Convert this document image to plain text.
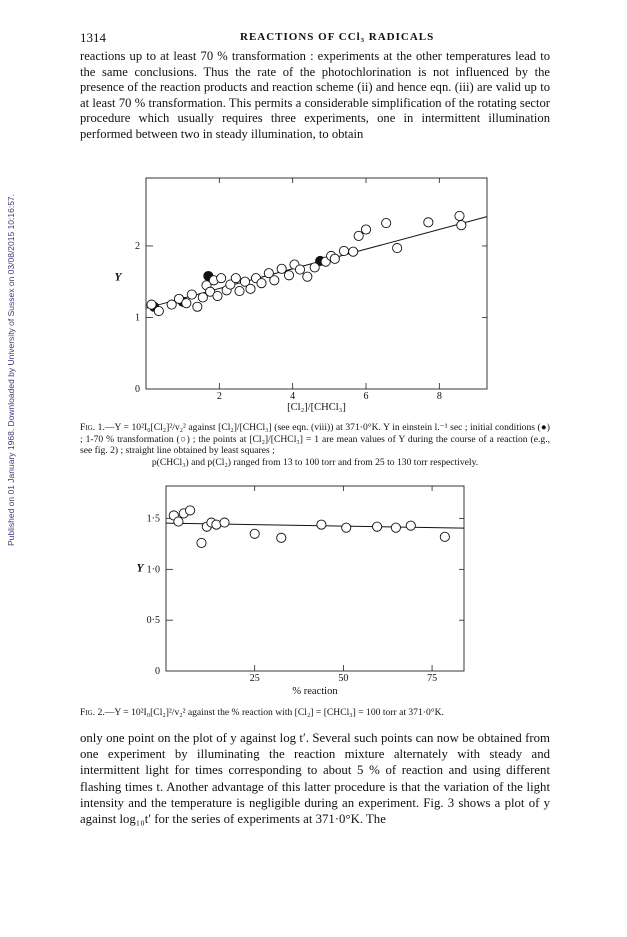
Published on 01 January 1968. Downloaded by University of Sussex on 03/08/2015 10:16:57.
1314	REACTIONS OF CCl₃ RADICALS

reactions up to at least 70 % transformation : experiments at the other temperatures lead to the same conclusions. Thus the rate of the photochlorination is not influenced by the presence of the reaction products and reaction scheme (ii) and hence eqn. (iii) are valid up to at least 70 % transformation. This permits a considerable simplification of the rotating sector procedure which usually requires three experiments, one in intermittent illumination performed between two in steady illumination, to obtain

2	4	6	8
1
2
0
[Cl₂]/[CHCl₃]
Y
Fig. 1.—Y = 10²I₀[Cl₂]²/v₂² against [Cl₂]/[CHCl₃] (see eqn. (viii)) at 371·0°K. Y in einstein l.⁻¹ sec ; initial conditions (●) ; 1-70 % transformation (○) ; the points at [Cl₂]/[CHCl₃] = 1 are mean values of Y during the course of a reaction (e.g., see fig. 2) ; straight line obtained by least squares ;
p(CHCl₃) and p(Cl₂) ranged from 13 to 100 torr and from 25 to 130 torr respectively.
25	50	75
0·5
1·0
1·5
0
% reaction
Y
Fig. 2.—Y = 10²I₀[Cl₂]²/v₂² against the % reaction with [Cl₂] = [CHCl₃] = 100 torr at 371·0°K.

only one point on the plot of y against log t′. Several such points can now be obtained from one experiment by illuminating the reaction mixture alternately with steady and intermittent light for times corresponding to about 5 % of reaction and using different flashing times t. Another advantage of this latter procedure is that the variation of the light intensity and the temperature is negligible during an experiment. Fig. 3 shows a plot of y against log₁₀t′ for the series of experiments at 371·0°K. The
